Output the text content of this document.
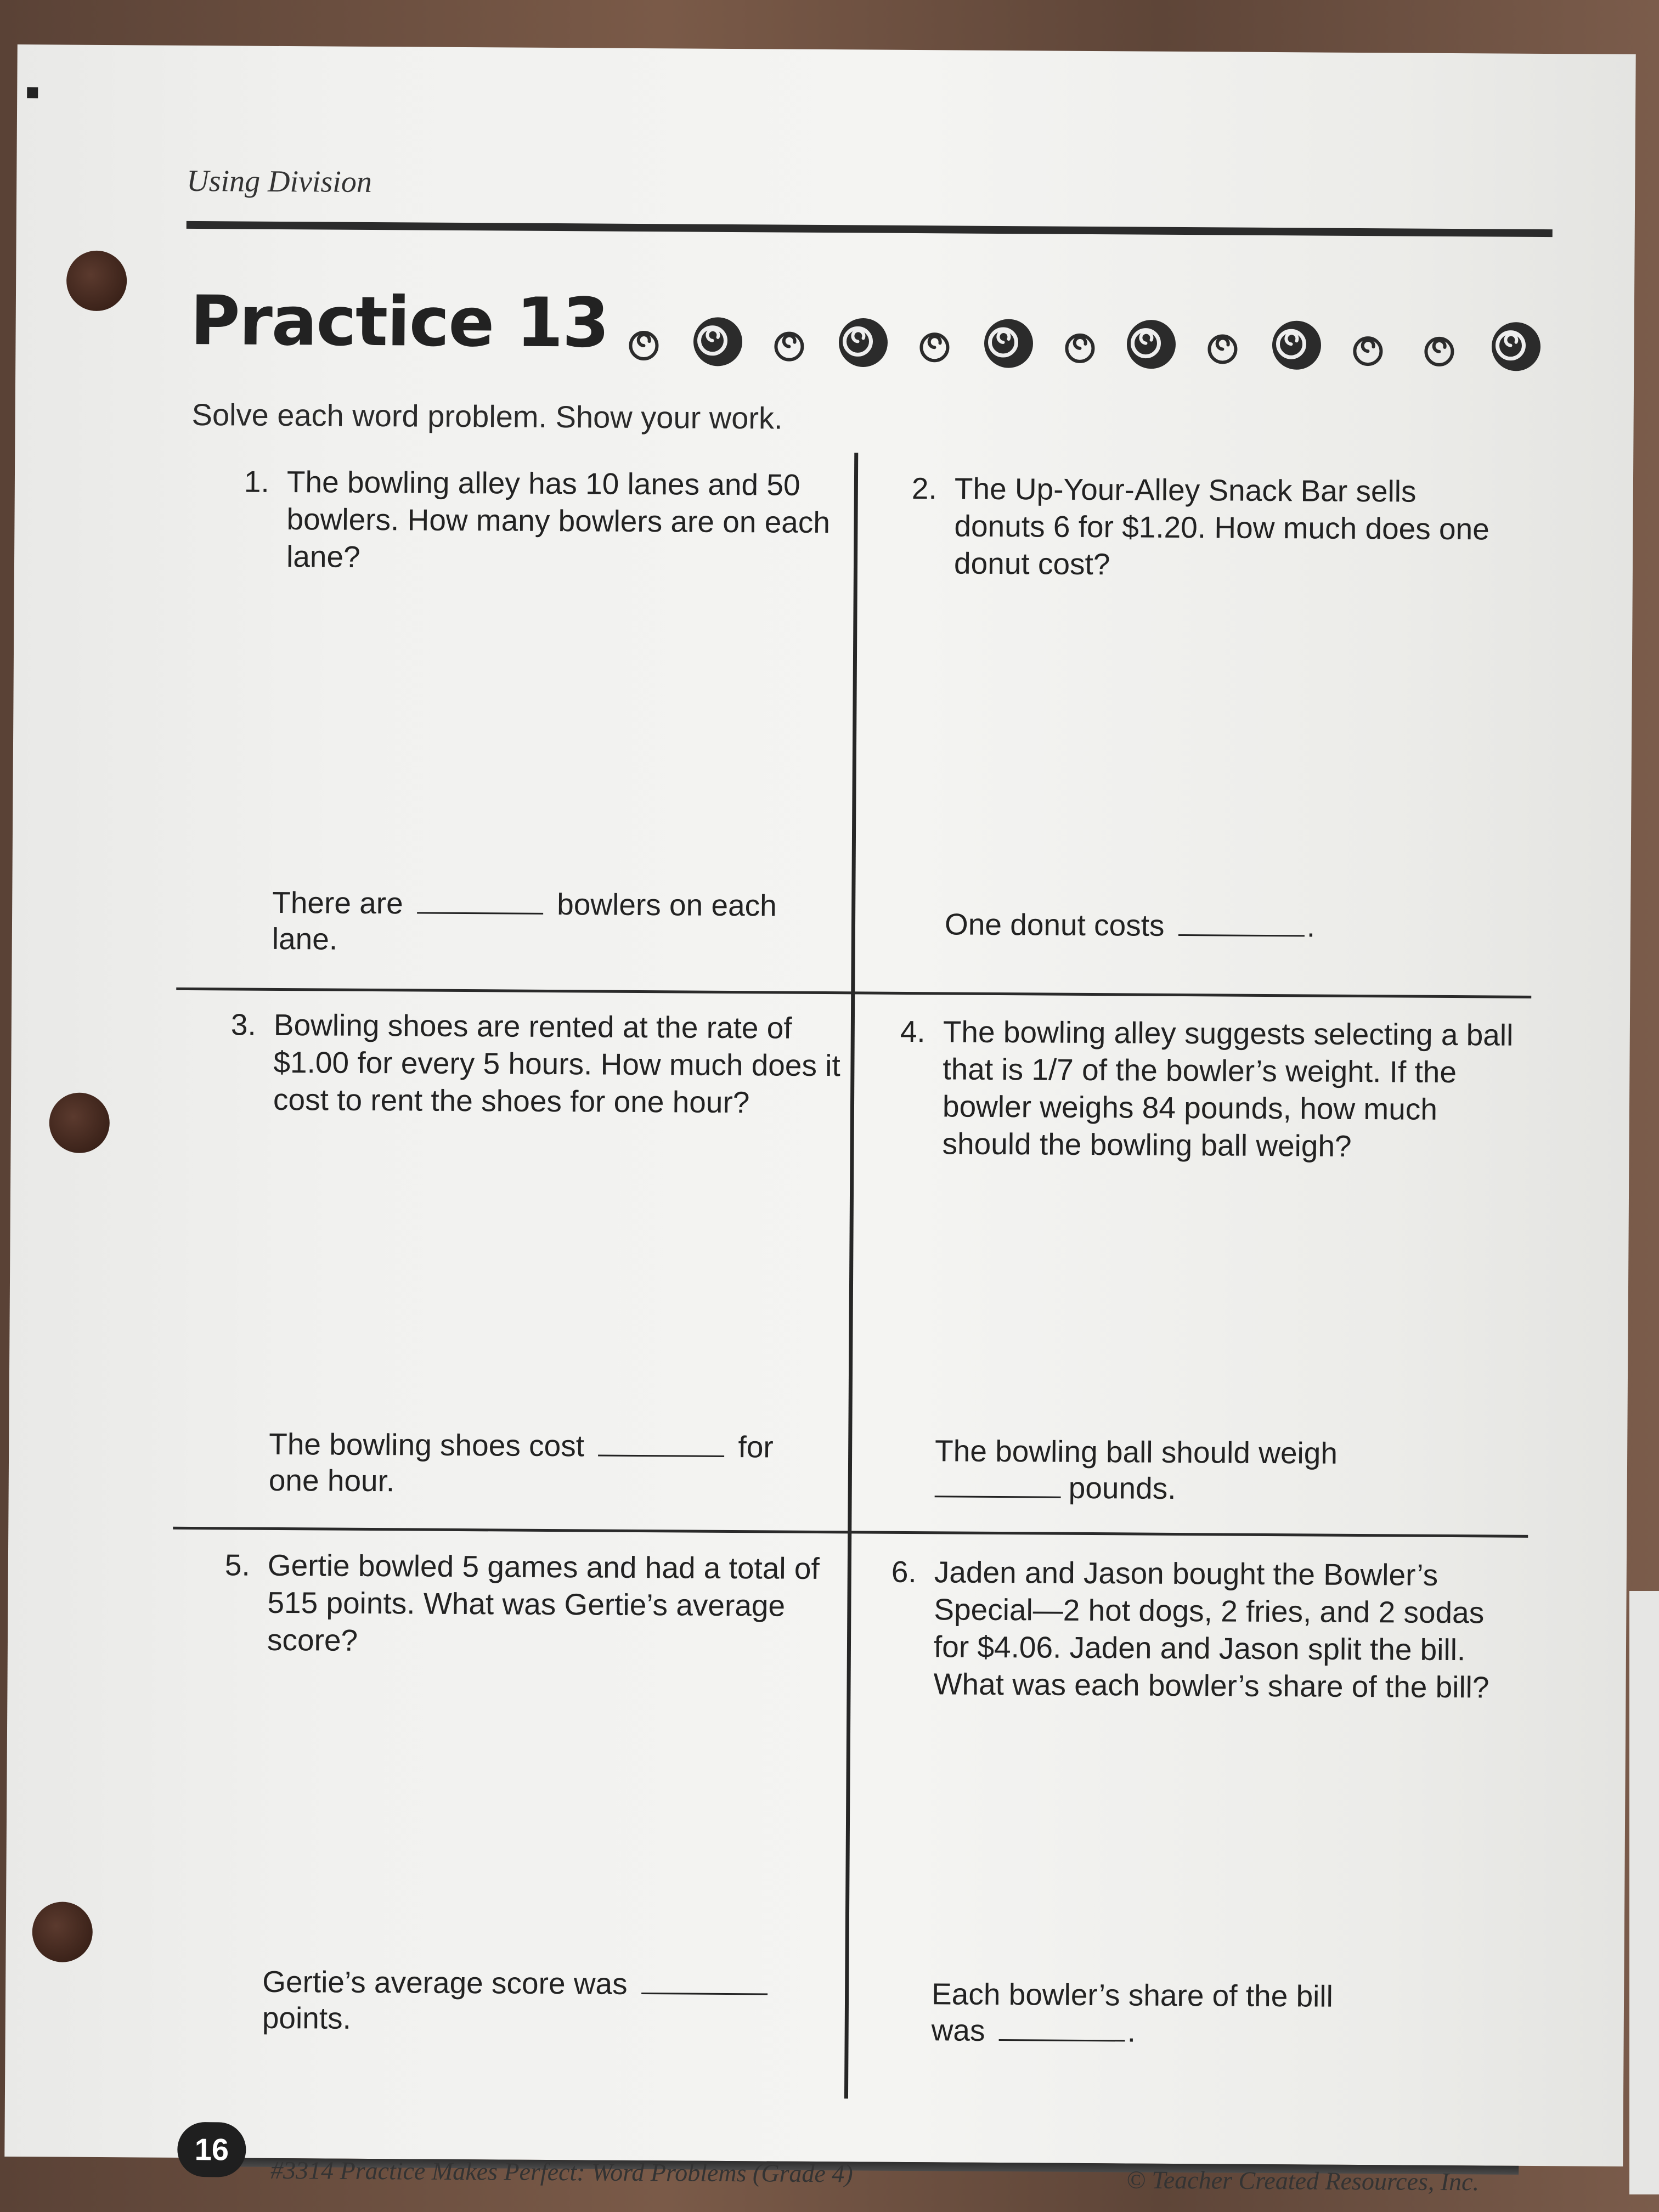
Using Division
Practice 13
Solve each word problem. Show your work.
1. The bowling alley has 10 lanes and 50 bowlers. How many bowlers are on each lane?
There are	bowlers on each
lane.
2. The Up-Your-Alley Snack Bar sells donuts 6 for $1.20. How much does one donut cost?
One donut costs	.
3. Bowling shoes are rented at the rate of $1.00 for every 5 hours. How much does it cost to rent the shoes for one hour?
The bowling shoes cost	for
one hour.
4. The bowling alley suggests selecting a ball that is 1/7 of the bowler’s weight. If the bowler weighs 84 pounds, how much should the bowling ball weigh?
The bowling ball should weigh
pounds.
5. Gertie bowled 5 games and had a total of 515 points. What was Gertie’s average score?
Gertie’s average score was
points.
6. Jaden and Jason bought the Bowler’s Special—2 hot dogs, 2 fries, and 2 sodas for $4.06. Jaden and Jason split the bill. What was each bowler’s share of the bill?
Each bowler’s share of the bill
was	.
16
#3314 Practice Makes Perfect: Word Problems (Grade 4)	© Teacher Created Resources, Inc.
